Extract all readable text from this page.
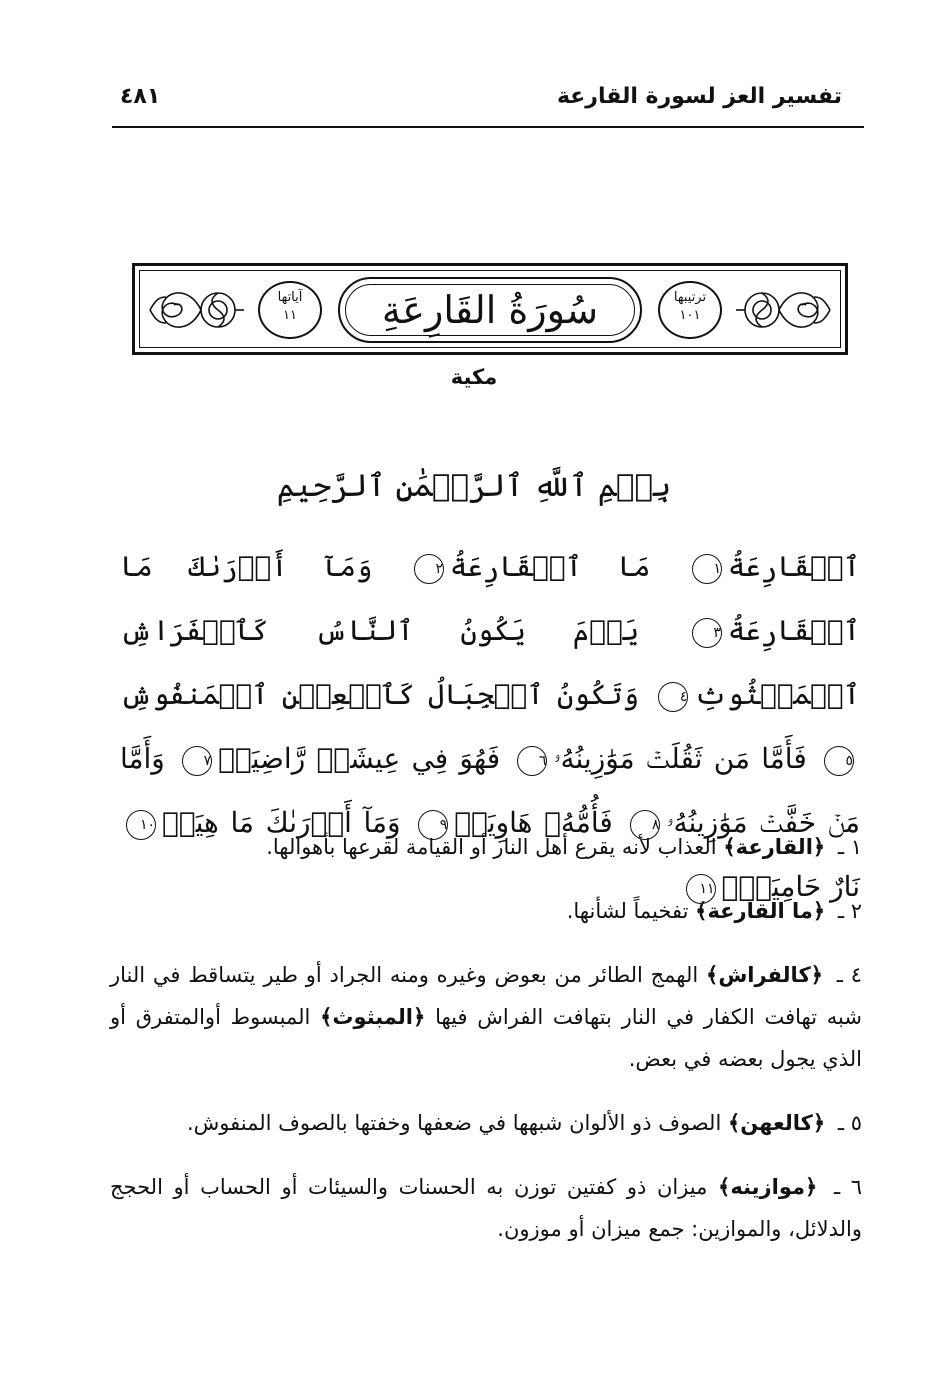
تفسير العز لسورة القارعة
٤٨١
آياتها
١١
ترتيبها
١٠١
سُورَةُ القَارِعَةِ
مكية
بِسۡمِ ٱللَّهِ ٱلرَّحۡمَٰنِ ٱلرَّحِيمِ
ٱلۡقَارِعَةُ١ مَا ٱلۡقَارِعَةُ٢ وَمَآ أَدۡرَىٰكَ مَا ٱلۡقَارِعَةُ٣ يَوۡمَ يَكُونُ ٱلنَّاسُ كَٱلۡفَرَاشِ ٱلۡمَبۡثُوثِ٤ وَتَكُونُ ٱلۡجِبَالُ كَٱلۡعِهۡنِ ٱلۡمَنفُوشِ٥ فَأَمَّا مَن ثَقُلَتۡ مَوَٰزِينُهُۥ٦ فَهُوَ فِي عِيشَةٖ رَّاضِيَةٖ٧ وَأَمَّا مَنۡ خَفَّتۡ مَوَٰزِينُهُۥ٨ فَأُمُّهُۥ هَاوِيَةٞ٩ وَمَآ أَدۡرَىٰكَ مَا هِيَهۡ١٠ نَارٌ حَامِيَةُۢ١١

١ ـ ﴿القارعة﴾ العذاب لأنه يقرع أهل النار أو القيامة لقرعها بأهوالها.

٢ ـ ﴿ما القارعة﴾ تفخيماً لشأنها.

٤ ـ ﴿كالفراش﴾ الهمج الطائر من بعوض وغيره ومنه الجراد أو طير يتساقط في النار شبه تهافت الكفار في النار بتهافت الفراش فيها ﴿المبثوث﴾ المبسوط أوالمتفرق أو الذي يجول بعضه في بعض.

٥ ـ ﴿كالعهن﴾ الصوف ذو الألوان شبهها في ضعفها وخفتها بالصوف المنفوش.

٦ ـ ﴿موازينه﴾ ميزان ذو كفتين توزن به الحسنات والسيئات أو الحساب أو الحجج والدلائل، والموازين: جمع ميزان أو موزون.
